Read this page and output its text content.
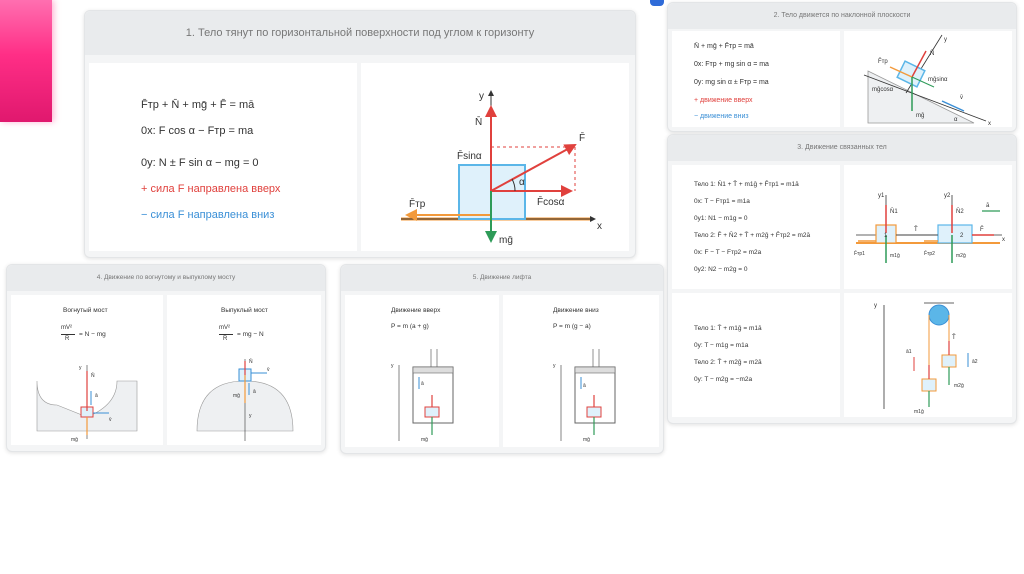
1. Тело тянут по горизонтальной поверхности под углом к горизонту
F̄тр + N̄ + mḡ + F̄ = mā
0x: F cos α − Fтр = ma
0y: N ± F sin α − mg = 0
+ сила F направлена вверх
− сила F направлена вниз
y
N̄
F̄
F̄sinα
α
F̄cosα
F̄тр
mḡ
x
2. Тело движется по наклонной плоскости
N̄ + mḡ + F̄тр = mā
0x: Fтр + mg sin α = ma
0y: mg sin α ± Fтр = ma
+ движение вверх
− движение вниз
y
N̄
F̄тр
mḡsinα
mḡcosα
v̄
mḡ
α
x
3. Движение связанных тел
Тело 1: N̄1 + T̄ + m1ḡ + F̄тр1 = m1ā
0x: T − Fтр1 = m1a
0y1: N1 − m1g = 0
Тело 2: F̄ + N̄2 + T̄ + m2ḡ + F̄тр2 = m2ā
0x: F − T − Fтр2 = m2a
0y2: N2 − m2g = 0
y1	y2
N̄1	N̄2
ā
T̄	F̄
1	2
x
F̄тр1	m1ḡ	F̄тр2	m2ḡ
Тело 1: T̄ + m1ḡ = m1ā
0y: T − m1g = m1a
Тело 2: T̄ + m2ḡ = m2ā
0y: T − m2g = −m2a
y
T̄
ā1
ā2
m2ḡ
m1ḡ
4. Движение по вогнутому и выпуклому мосту
Вогнутый мост
mV²
R
= N − mg
y
N̄
ā
v̄
mḡ
Выпуклый мост
mV²
R
= mg − N
N̄
v̄
ā
mḡ
y
5. Движение лифта
Движение вверх
P = m (a + g)
y
ā
mḡ
Движение вниз
P = m (g − a)
y
ā
mḡ
